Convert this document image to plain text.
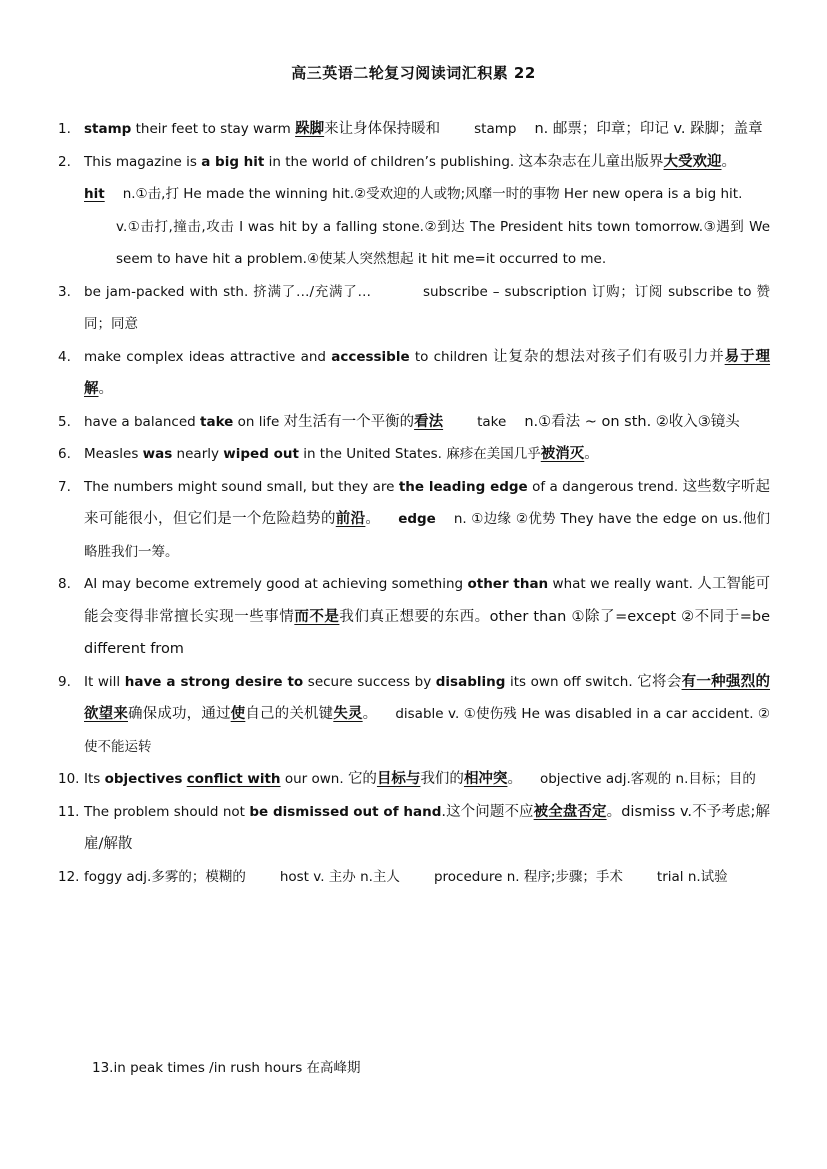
高三英语二轮复习阅读词汇积累 22
1. stamp their feet to stay warm 跺脚来让身体保持暖和	stamp n. 邮票；印章；印记 v. 跺脚；盖章
2. This magazine is a big hit in the world of children’s publishing. 这本杂志在儿童出版界大受欢迎。
hit n.①击,打 He made the winning hit.②受欢迎的人或物;风靡一时的事物 Her new opera is a big hit.
v.①击打,撞击,攻击 I was hit by a falling stone.②到达 The President hits town tomorrow.③遇到 We seem to have hit a problem.④使某人突然想起 it hit me=it occurred to me.
3. be jam-packed with sth. 挤满了…/充满了…	subscribe – subscription 订购；订阅 subscribe to 赞同；同意
4. make complex ideas attractive and accessible to children 让复杂的想法对孩子们有吸引力并易于理解。
5. have a balanced take on life 对生活有一个平衡的看法	take n.①看法 ~ on sth. ②收入③镜头
6. Measles was nearly wiped out in the United States. 麻疹在美国几乎被消灭。
7. The numbers might sound small, but they are the leading edge of a dangerous trend. 这些数字听起来可能很小，但它们是一个危险趋势的前沿。 edge n. ①边缘 ②优势 They have the edge on us.他们略胜我们一筹。
8. AI may become extremely good at achieving something other than what we really want. 人工智能可能会变得非常擅长实现一些事情而不是我们真正想要的东西。other than ①除了=except ②不同于=be different from
9. It will have a strong desire to secure success by disabling its own off switch. 它将会有一种强烈的欲望来确保成功，通过使自己的关机键失灵。 disable v. ①使伤残 He was disabled in a car accident. ②使不能运转
10. Its objectives conflict with our own. 它的目标与我们的相冲突。 objective adj.客观的 n.目标；目的
11. The problem should not be dismissed out of hand.这个问题不应被全盘否定。dismiss v.不予考虑;解雇/解散
12. foggy adj.多雾的；模糊的	host v. 主办 n.主人	procedure n. 程序;步骤；手术	trial n.试验
13.in peak times /in rush hours 在高峰期
